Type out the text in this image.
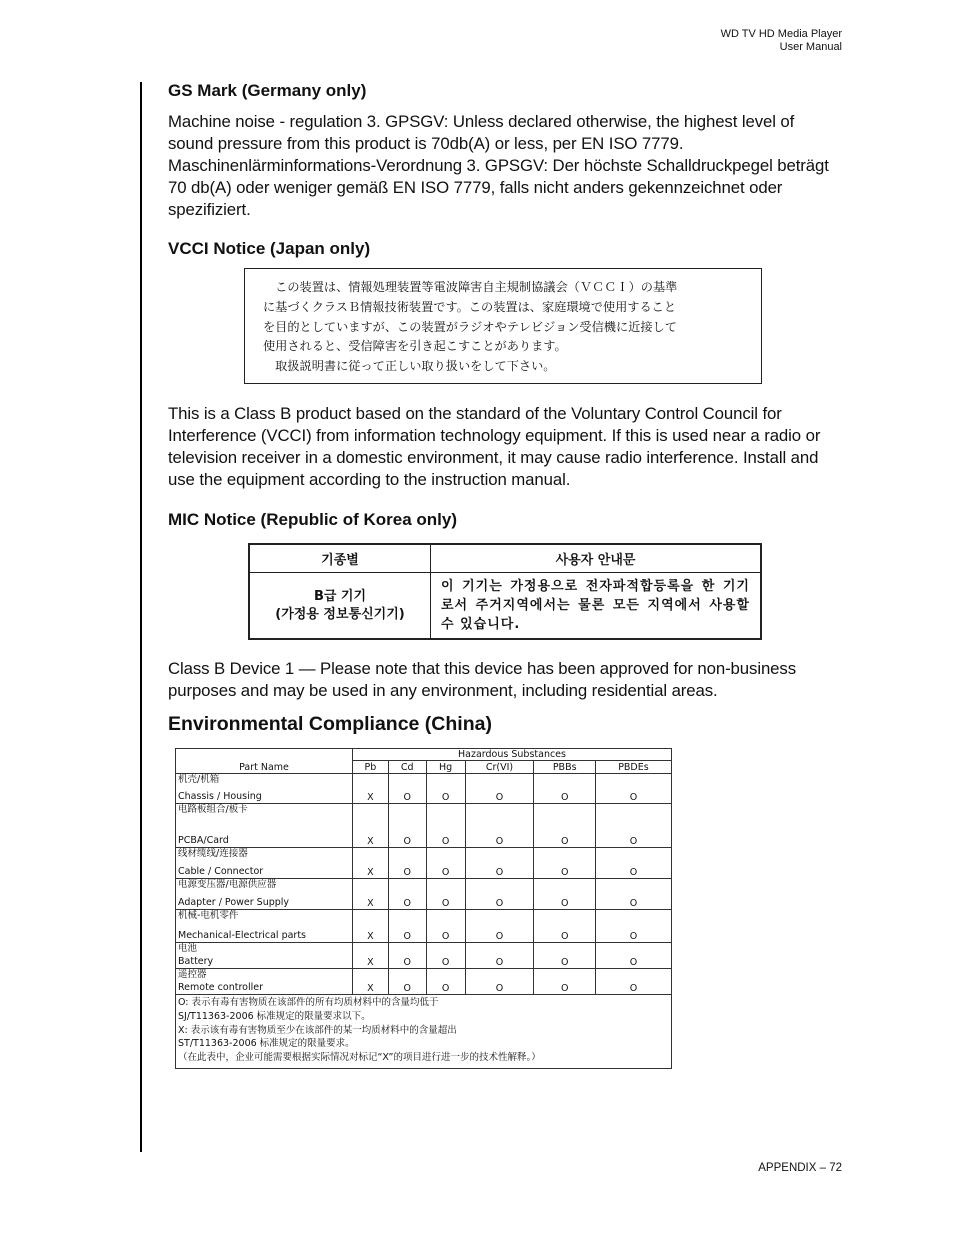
WD TV HD Media Player
User Manual
GS Mark (Germany only)

Machine noise - regulation 3. GPSGV: Unless declared otherwise, the highest level of sound pressure from this product is 70db(A) or less, per EN ISO 7779. Maschinenlärminformations-Verordnung 3. GPSGV: Der höchste Schalldruckpegel beträgt 70 db(A) oder weniger gemäß EN ISO 7779, falls nicht anders gekennzeichnet oder spezifiziert.

VCCI Notice (Japan only)
　この装置は、情報処理装置等電波障害自主規制協議会（ＶＣＣＩ）の基準
に基づくクラスＢ情報技術装置です。この装置は、家庭環境で使用すること
を目的としていますが、この装置がラジオやテレビジョン受信機に近接して
使用されると、受信障害を引き起こすことがあります。
　取扱説明書に従って正しい取り扱いをして下さい。

This is a Class B product based on the standard of the Voluntary Control Council for Interference (VCCI) from information technology equipment. If this is used near a radio or television receiver in a domestic environment, it may cause radio interference. Install and use the equipment according to the instruction manual.

MIC Notice (Republic of Korea only)
기종별	사용자 안내문

B급 기기
(가정용 정보통신기기)	이 기기는 가정용으로 전자파적합등록을 한 기기로서 주거지역에서는 물론 모든 지역에서 사용할 수 있습니다.

Class B Device 1 — Please note that this device has been approved for non-business purposes and may be used in any environment, including residential areas.

Environmental Compliance (China)
Part Name	Hazardous Substances					
	Pb	Cd	Hg	Cr(VI)	PBBs	PBDEs

机壳/机箱
Chassis / Housing	X	O	O	O	O	O

电路板组合/板卡
PCBA/Card	X	O	O	O	O	O

线材缆线/连接器
Cable / Connector	X	O	O	O	O	O

电源变压器/电源供应器
Adapter / Power Supply	X	O	O	O	O	O

机械-电机零件
Mechanical-Electrical parts	X	O	O	O	O	O

电池
Battery	X	O	O	O	O	O

遥控器
Remote controller	X	O	O	O	O	O

O: 表示有毒有害物质在该部件的所有均质材料中的含量均低于
SJ/T11363-2006 标准规定的限量要求以下。
X: 表示该有毒有害物质至少在该部件的某一均质材料中的含量超出
ST/T11363-2006 标准规定的限量要求。
（在此表中，企业可能需要根据实际情况对标记“X”的项目进行进一步的技术性解释。）						
APPENDIX – 72
